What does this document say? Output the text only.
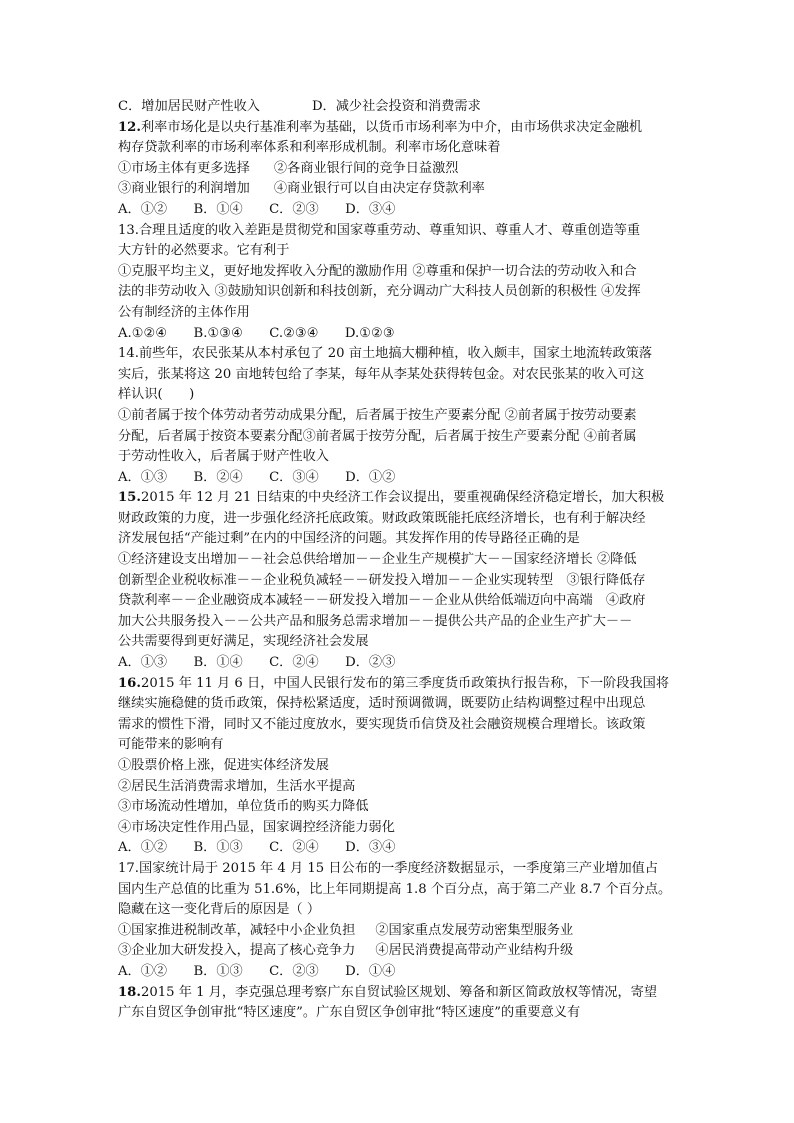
C．增加居民财产性收入	D．减少社会投资和消费需求
12.利率市场化是以央行基准利率为基础，以货币市场利率为中介，由市场供求决定金融机
构存贷款利率的市场利率体系和利率形成机制。利率市场化意味着
①市场主体有更多选择 ②各商业银行间的竞争日益激烈
③商业银行的利润增加 ④商业银行可以自由决定存贷款利率
A．①②　　B．①④　　C．②③　　D．③④
13.合理且适度的收入差距是贯彻党和国家尊重劳动、尊重知识、尊重人才、尊重创造等重
大方针的必然要求。它有利于
①克服平均主义，更好地发挥收入分配的激励作用 ②尊重和保护一切合法的劳动收入和合
法的非劳动收入 ③鼓励知识创新和科技创新，充分调动广大科技人员创新的积极性 ④发挥
公有制经济的主体作用
A.①②④　　B.①③④　　C.②③④　　D.①②③
14.前些年，农民张某从本村承包了 20 亩土地搞大棚种植，收入颇丰，国家土地流转政策落
实后，张某将这 20 亩地转包给了李某，每年从李某处获得转包金。对农民张某的收入可这
样认识(　　)
①前者属于按个体劳动者劳动成果分配，后者属于按生产要素分配 ②前者属于按劳动要素
分配，后者属于按资本要素分配③前者属于按劳分配，后者属于按生产要素分配 ④前者属
于劳动性收入，后者属于财产性收入
A．①③　　B．②④　　C．③④　　D．①②
15.2015 年 12 月 21 日结束的中央经济工作会议提出，要重视确保经济稳定增长，加大积极
财政政策的力度，进一步强化经济托底政策。财政政策既能托底经济增长，也有利于解决经
济发展包括“产能过剩”在内的中国经济的问题。其发挥作用的传导路径正确的是
①经济建设支出增加－－社会总供给增加－－企业生产规模扩大－－国家经济增长 ②降低
创新型企业税收标准－－企业税负减轻－－研发投入增加－－企业实现转型　③银行降低存
贷款利率－－企业融资成本减轻－－研发投入增加－－企业从供给低端迈向中高端　④政府
加大公共服务投入－－公共产品和服务总需求增加－－提供公共产品的企业生产扩大－－
公共需要得到更好满足，实现经济社会发展
A．①③　　B．①④　　C．②④　　D．②③
16.2015 年 11 月 6 日，中国人民银行发布的第三季度货币政策执行报告称，下一阶段我国将
继续实施稳健的货币政策，保持松紧适度，适时预调微调，既要防止结构调整过程中出现总
需求的惯性下滑，同时又不能过度放水，要实现货币信贷及社会融资规模合理增长。该政策
可能带来的影响有
①股票价格上涨，促进实体经济发展
②居民生活消费需求增加，生活水平提高
③市场流动性增加，单位货币的购买力降低
④市场决定性作用凸显，国家调控经济能力弱化
A．①②　　B．①③　　C．②④　　D．③④
17.国家统计局于 2015 年 4 月 15 日公布的一季度经济数据显示，一季度第三产业增加值占
国内生产总值的比重为 51.6%，比上年同期提高 1.8 个百分点，高于第二产业 8.7 个百分点。
隐藏在这一变化背后的原因是（ ）
①国家推进税制改革，减轻中小企业负担 ②国家重点发展劳动密集型服务业
③企业加大研发投入，提高了核心竞争力 ④居民消费提高带动产业结构升级
A．①②　　B．①③　　C．②③　　D．①④
18.2015 年 1 月，李克强总理考察广东自贸试验区规划、筹备和新区简政放权等情况，寄望
广东自贸区争创审批“特区速度”。广东自贸区争创审批“特区速度”的重要意义有
